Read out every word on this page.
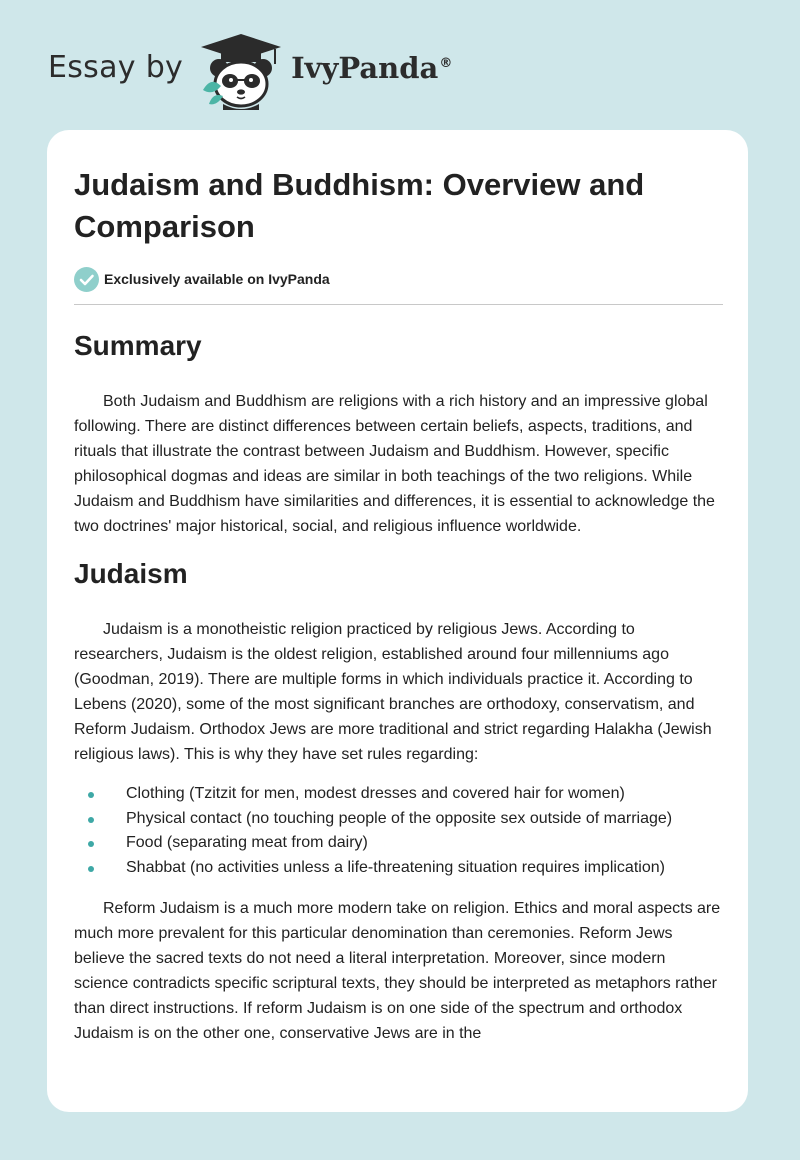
Essay by	IvyPanda®
Judaism and Buddhism: Overview and Comparison
Exclusively available on IvyPanda
Summary

Both Judaism and Buddhism are religions with a rich history and an impressive global following. There are distinct differences between certain beliefs, aspects, traditions, and rituals that illustrate the contrast between Judaism and Buddhism. However, specific philosophical dogmas and ideas are similar in both teachings of the two religions. While Judaism and Buddhism have similarities and differences, it is essential to acknowledge the two doctrines' major historical, social, and religious influence worldwide.

Judaism

Judaism is a monotheistic religion practiced by religious Jews. According to researchers, Judaism is the oldest religion, established around four millenniums ago (Goodman, 2019). There are multiple forms in which individuals practice it. According to Lebens (2020), some of the most significant branches are orthodoxy, conservatism, and Reform Judaism. Orthodox Jews are more traditional and strict regarding Halakha (Jewish religious laws). This is why they have set rules regarding:

Clothing (Tzitzit for men, modest dresses and covered hair for women)
Physical contact (no touching people of the opposite sex outside of marriage)
Food (separating meat from dairy)
Shabbat (no activities unless a life-threatening situation requires implication)

Reform Judaism is a much more modern take on religion. Ethics and moral aspects are much more prevalent for this particular denomination than ceremonies. Reform Jews believe the sacred texts do not need a literal interpretation. Moreover, since modern science contradicts specific scriptural texts, they should be interpreted as metaphors rather than direct instructions. If reform Judaism is on one side of the spectrum and orthodox Judaism is on the other one, conservative Jews are in the
